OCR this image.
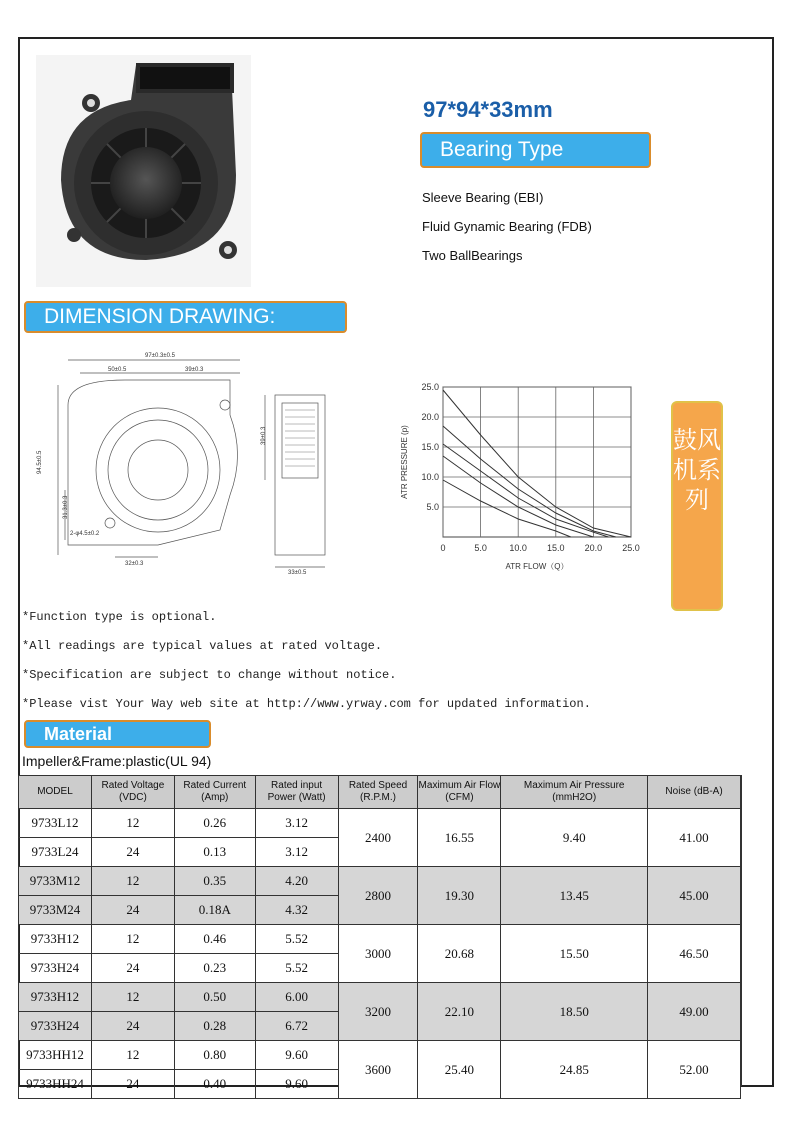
97*94*33mm
Bearing Type
Sleeve Bearing (EBI)
Fluid Gynamic Bearing (FDB)
Two BallBearings
DIMENSION DRAWING:
97±0.3±0.5
50±0.5	39±0.3
94.5±0.5
31.3±0.3
2-φ4.5±0.2
32±0.3
39±0.3
33±0.5
0	5.0	10.0 15.0 20.0 25.0
25.0
20.0
15.0
10.0
5.0
ATR FLOW（Q）
ATR PRESSURE (p)	鼓风机系列
*Function type is optional.
*All readings are typical values at rated voltage.
*Specification are subject to change without notice.
*Please vist Your Way web site at http://www.yrway.com for updated information.
Material
Impeller&Frame:plastic(UL 94)
MODEL	Rated Voltage (VDC)	Rated Current (Amp)	Rated input Power (Watt)	Rated Speed (R.P.M.)	Maximum Air Flow (CFM)	Maximum Air Pressure (mmH2O)	Noise (dB-A)
9733L12	12	0.26	3.12	2400	16.55	9.40	41.00
9733L24	24	0.13	3.12				
9733M12	12	0.35	4.20	2800	19.30	13.45	45.00
9733M24	24	0.18A	4.32				
9733H12	12	0.46	5.52	3000	20.68	15.50	46.50
9733H24	24	0.23	5.52				
9733H12	12	0.50	6.00	3200	22.10	18.50	49.00
9733H24	24	0.28	6.72				
9733HH12	12	0.80	9.60	3600	25.40	24.85	52.00
9733HH24	24	0.40	9.60				
